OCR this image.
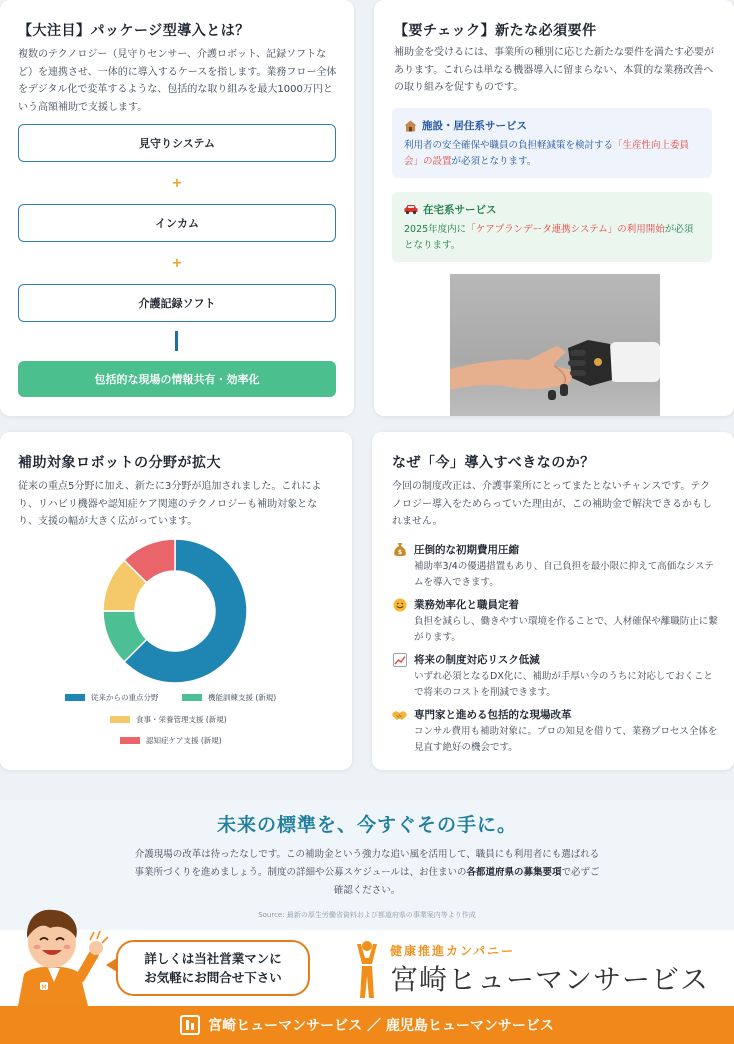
【大注目】パッケージ型導入とは？

複数のテクノロジー（見守りセンサー、介護ロボット、記録ソフトなど）を連携させ、一体的に導入するケースを指します。業務フロー全体をデジタル化で変革するような、包括的な取り組みを最大1000万円という高額補助で支援します。

見守りシステム
+
インカム
+
介護記録ソフト
包括的な現場の情報共有・効率化
【要チェック】新たな必須要件

補助金を受けるには、事業所の種別に応じた新たな要件を満たす必要があります。これらは単なる機器導入に留まらない、本質的な業務改善への取り組みを促すものです。

施設・居住系サービス
利用者の安全確保や職員の負担軽減策を検討する「生産性向上委員会」の設置が必須となります。
在宅系サービス
2025年度内に「ケアプランデータ連携システム」の利用開始が必須となります。
補助対象ロボットの分野が拡大

従来の重点5分野に加え、新たに3分野が追加されました。これにより、リハビリ機器や認知症ケア関連のテクノロジーも補助対象となり、支援の幅が大きく広がっています。

従来からの重点分野	機能訓練支援 (新規)
食事・栄養管理支援 (新規)
認知症ケア支援 (新規)
なぜ「今」導入すべきなのか？

今回の制度改正は、介護事業所にとってまたとないチャンスです。テクノロジー導入をためらっていた理由が、この補助金で解決できるかもしれません。

$ 圧倒的な初期費用圧縮
補助率3/4の優遇措置もあり、自己負担を最小限に抑えて高価なシステムを導入できます。
業務効率化と職員定着
負担を減らし、働きやすい環境を作ることで、人材確保や離職防止に繋がります。
将来の制度対応リスク低減
いずれ必須となるDX化に、補助が手厚い今のうちに対応しておくことで将来のコストを削減できます。
専門家と進める包括的な現場改革
コンサル費用も補助対象に。プロの知見を借りて、業務プロセス全体を見直す絶好の機会です。
未来の標準を、今すぐその手に。
介護現場の改革は待ったなしです。この補助金という強力な追い風を活用して、職員にも利用者にも選ばれる事業所づくりを進めましょう。制度の詳細や公募スケジュールは、お住まいの各都道府県の募集要項で必ずご確認ください。
Source: 最新の厚生労働省資料および都道府県の事業案内等より作成
M
詳しくは当社営業マンに
お気軽にお問合せ下さい
健康推進カンパニー
宮崎ヒューマンサービス
宮崎ヒューマンサービス ／ 鹿児島ヒューマンサービス
